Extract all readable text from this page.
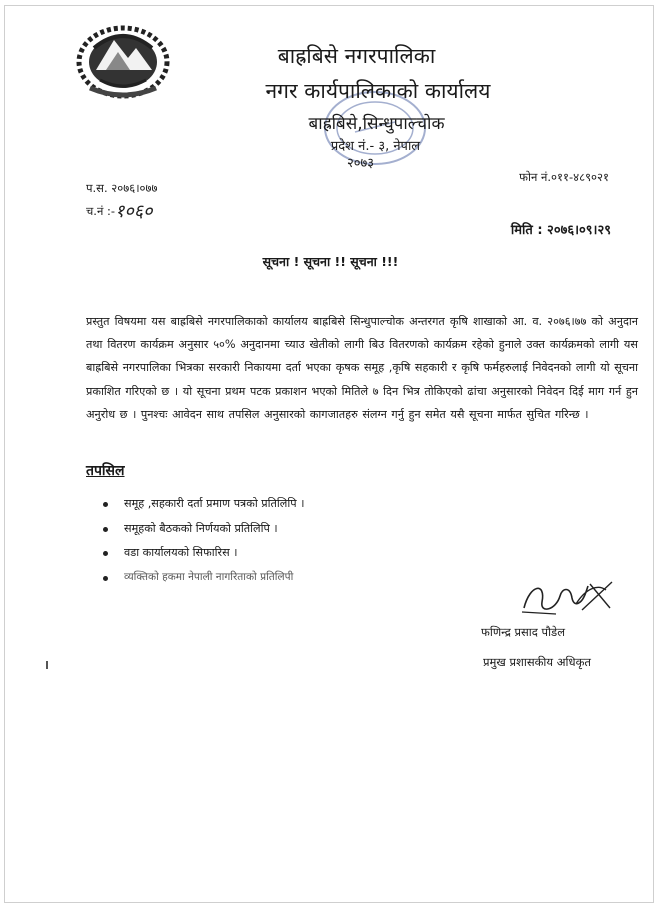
बाह्रबिसे नगरपालिका
नगर कार्यपालिकाको कार्यालय
बाह्रबिसे,सिन्धुपाल्चोक
प्रदेश नं.- ३, नेपाल
२०७३
फोन नं.०११-४८९०२१
प.स. २०७६।०७७
च.नं :-१०६०
मिति : २०७६।०९।२९
सूचना ! सूचना !! सूचना !!!
प्रस्तुत विषयमा यस बाह्रबिसे नगरपालिकाको कार्यालय बाह्रबिसे सिन्धुपाल्चोक अन्तरगत कृषि शाखाको आ. व. २०७६।७७ को अनुदान तथा वितरण कार्यक्रम अनुसार ५०% अनुदानमा च्याउ खेतीको लागी बिउ वितरणको कार्यक्रम रहेको हुनाले उक्त कार्यक्रमको लागी यस बाह्रबिसे नगरपालिका भित्रका सरकारी निकायमा दर्ता भएका कृषक समूह ,कृषि सहकारी र कृषि फर्महरुलाई निवेदनको लागी यो सूचना प्रकाशित गरिएको छ । यो सूचना प्रथम पटक प्रकाशन भएको मितिले ७ दिन भित्र तोकिएको ढांचा अनुसारको निवेदन दिई माग गर्न हुन अनुरोध छ । पुनश्चः आवेदन साथ तपसिल अनुसारको कागजातहरु संलग्न गर्नु हुन समेत यसै सूचना मार्फत सुचित गरिन्छ ।
तपसिल
समूह ,सहकारी दर्ता प्रमाण पत्रको प्रतिलिपि ।
समूहको बैठकको निर्णयको प्रतिलिपि ।
वडा कार्यालयको सिफारिस ।
व्यक्तिको हकमा नेपाली नागरिताको प्रतिलिपी
फणिन्द्र प्रसाद पौडेल
प्रमुख प्रशासकीय अधिकृत
